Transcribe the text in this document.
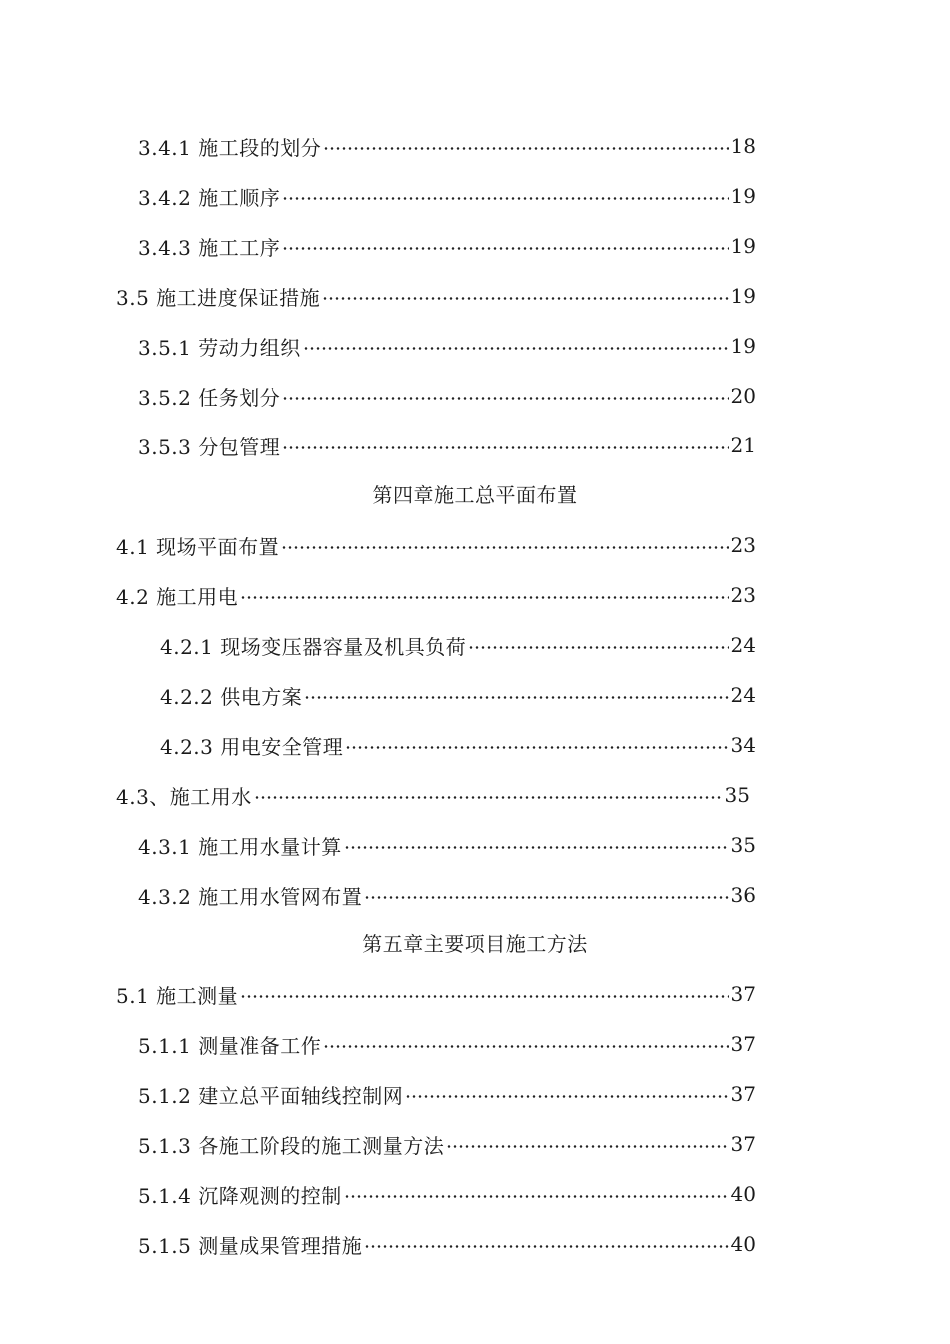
3.4.1 施工段的划分	18
3.4.2 施工顺序	19
3.4.3 施工工序	19
3.5 施工进度保证措施	19
3.5.1 劳动力组织	19
3.5.2 任务划分	20
3.5.3 分包管理	21
第四章施工总平面布置
4.1 现场平面布置	23
4.2 施工用电	23
4.2.1 现场变压器容量及机具负荷	24
4.2.2 供电方案	24
4.2.3 用电安全管理	34
4.3、施工用水	35
4.3.1 施工用水量计算	35
4.3.2 施工用水管网布置	36
第五章主要项目施工方法
5.1 施工测量	37
5.1.1 测量准备工作	37
5.1.2 建立总平面轴线控制网	37
5.1.3 各施工阶段的施工测量方法	37
5.1.4 沉降观测的控制	40
5.1.5 测量成果管理措施	40
